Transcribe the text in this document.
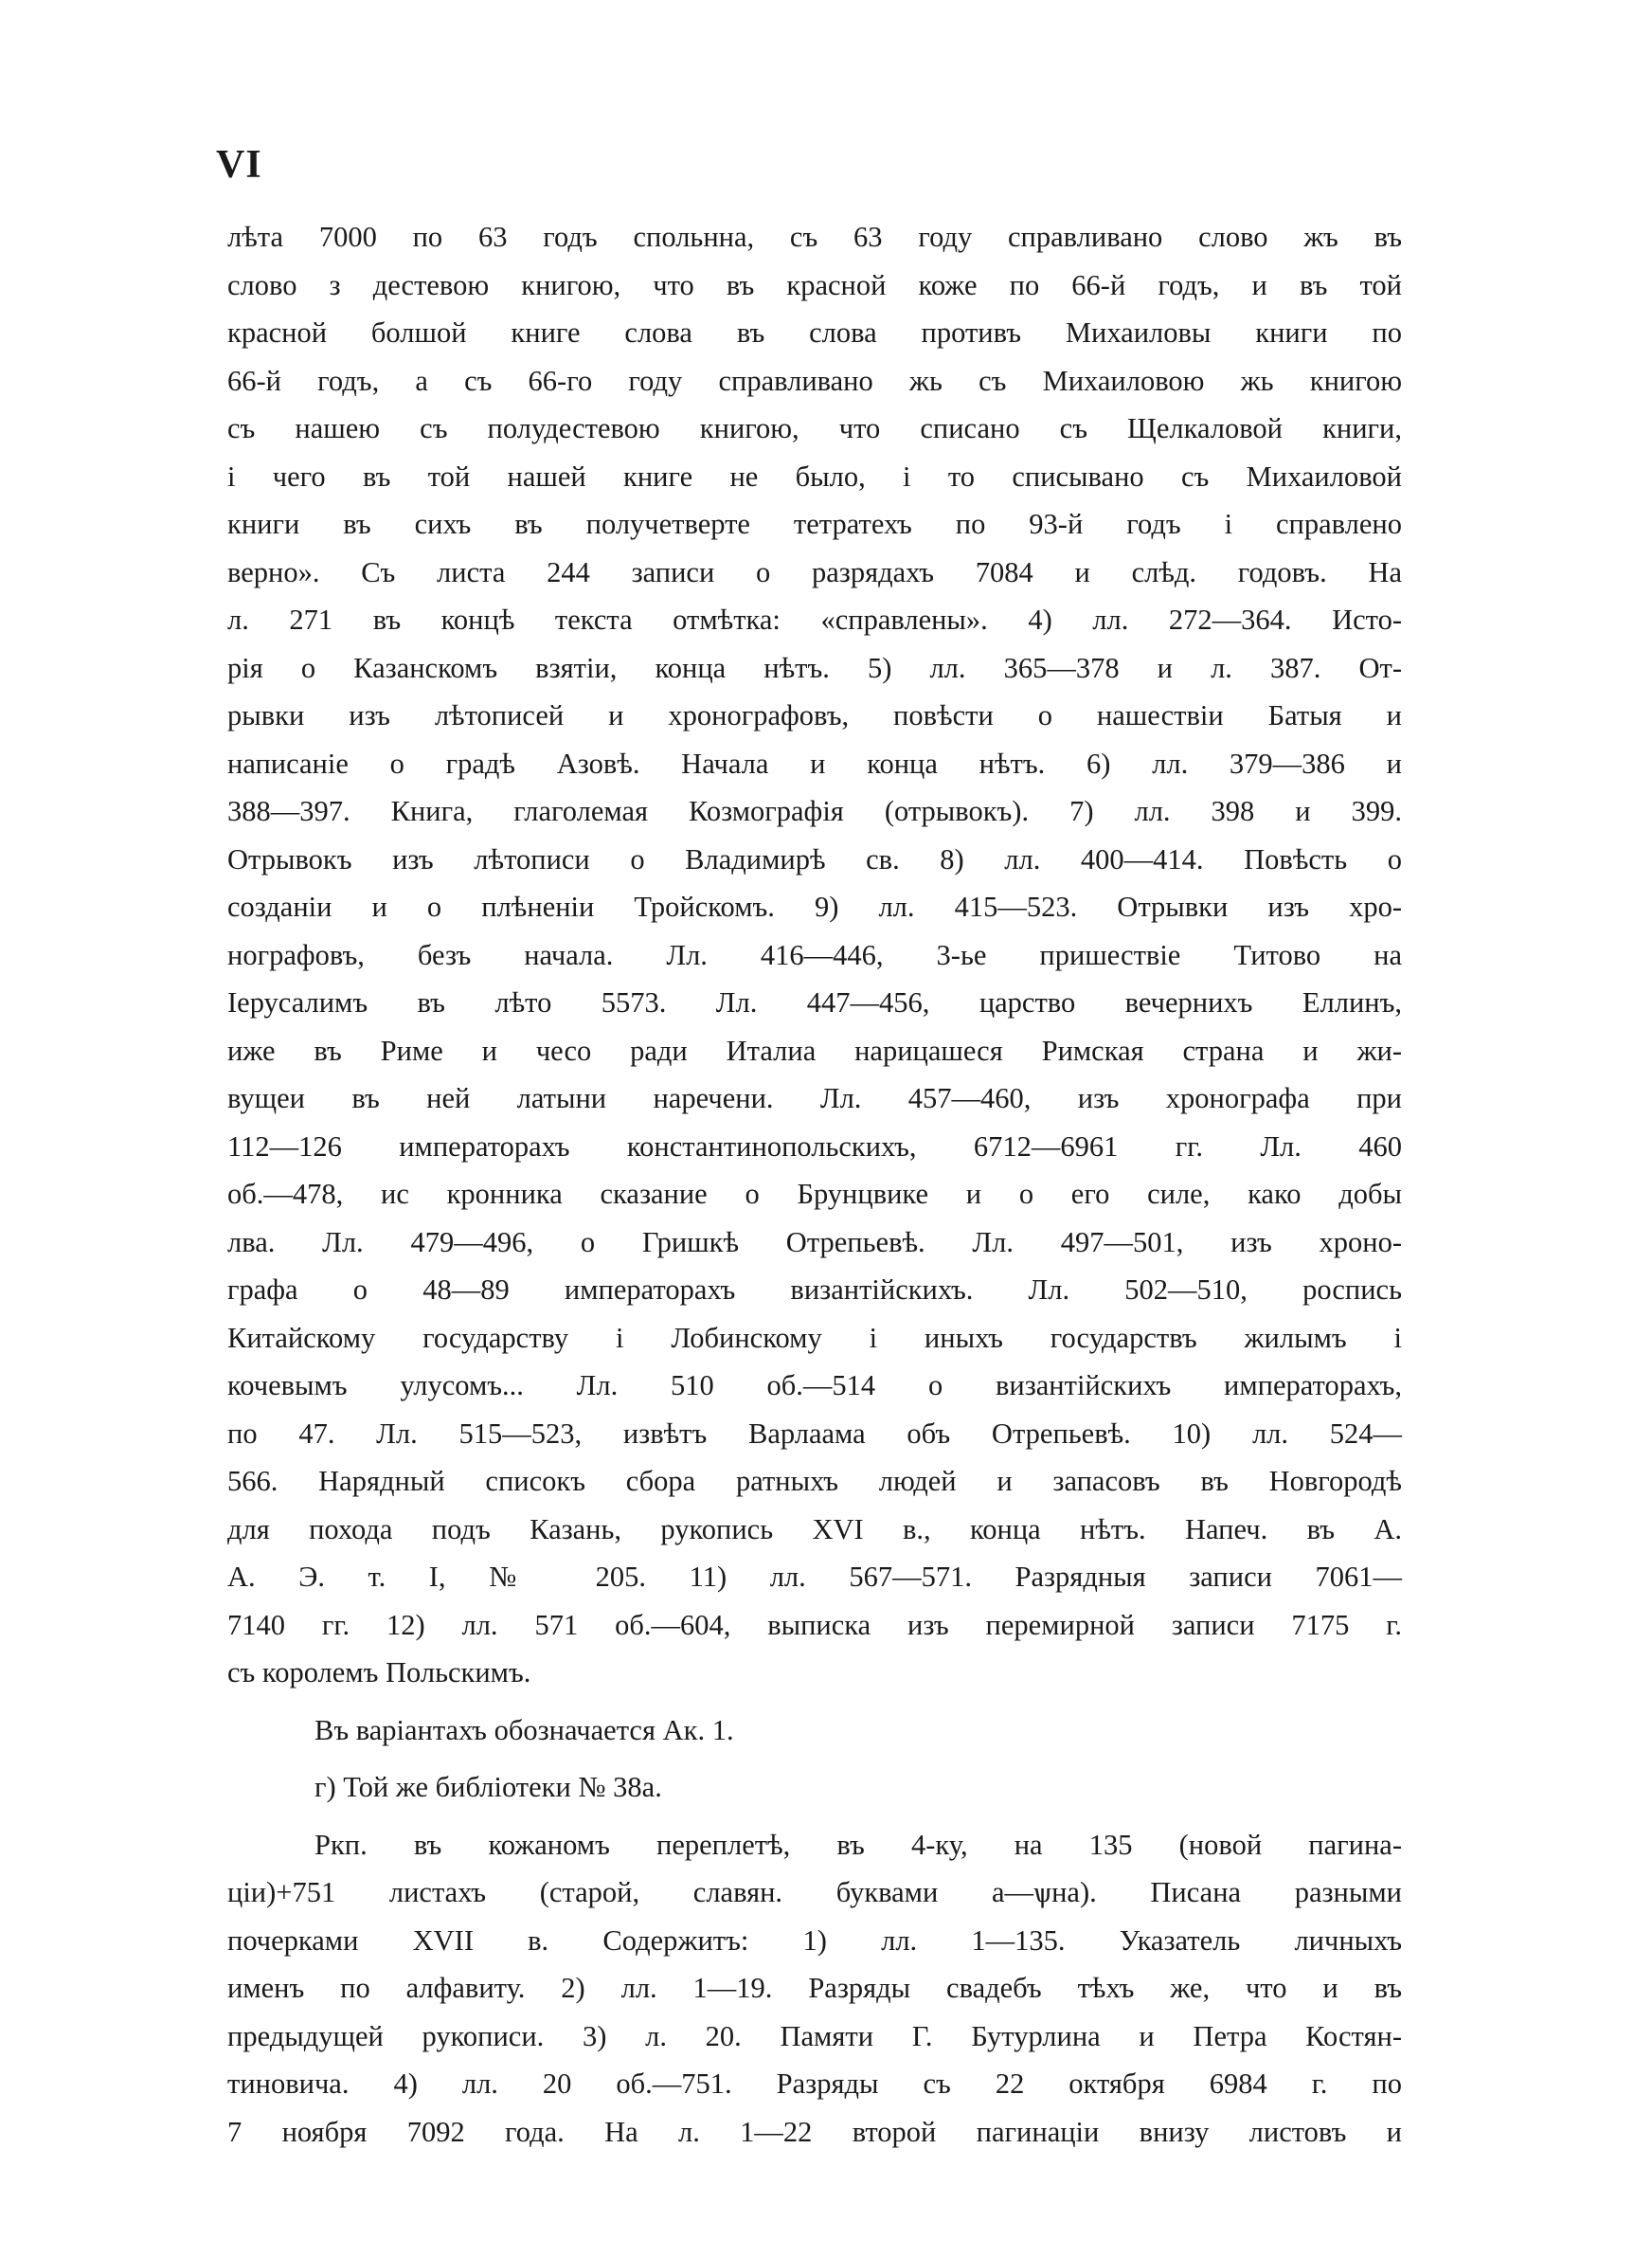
VI
лѣта 7000 по 63 годъ спольнна, съ 63 году справливано слово жъ въ
слово з дестевою книгою, что въ красной коже по 66-й годъ, и въ той
красной болшой книге слова въ слова противъ Михаиловы книги по
66-й годъ, а съ 66-го году справливано жь съ Михаиловою жь книгою
съ нашею съ полудестевою книгою, что списано съ Щелкаловой книги,
і чего въ той нашей книге не было, і то списывано съ Михаиловой
книги въ сихъ въ получетверте тетратехъ по 93-й годъ і справлено
верно». Съ листа 244 записи о разрядахъ 7084 и слѣд. годовъ. На
л. 271 въ концѣ текста отмѣтка: «справлены». 4) лл. 272—364. Исто-
рія о Казанскомъ взятіи, конца нѣтъ. 5) лл. 365—378 и л. 387. От-
рывки изъ лѣтописей и хронографовъ, повѣсти о нашествіи Батыя и
написаніе о градѣ Азовѣ. Начала и конца нѣтъ. 6) лл. 379—386 и
388—397. Книга, глаголемая Козмографія (отрывокъ). 7) лл. 398 и 399.
Отрывокъ изъ лѣтописи о Владимирѣ св. 8) лл. 400—414. Повѣсть о
созданіи и о плѣненіи Тройскомъ. 9) лл. 415—523. Отрывки изъ хро-
нографовъ, безъ начала. Лл. 416—446, 3-ье пришествіе Титово на
Іерусалимъ въ лѣто 5573. Лл. 447—456, царство вечерниxъ Еллинъ,
иже въ Риме и чесо ради Италиа нарицашеся Римская страна и жи-
вущеи въ ней латыни наречени. Лл. 457—460, изъ хронографа при
112—126 императорахъ константинопольскихъ, 6712—6961 гг. Лл. 460
об.—478, ис кронника сказание о Брунцвике и о его силе, како добы
лва. Лл. 479—496, о Гришкѣ Отрепьевѣ. Лл. 497—501, изъ хроно-
графа о 48—89 императорахъ византійскихъ. Лл. 502—510, роспись
Китайскому государству і Лобинскому і иныхъ государствъ жилымъ і
кочевымъ улусомъ... Лл. 510 об.—514 о византійскихъ императорахъ,
по 47. Лл. 515—523, извѣтъ Варлаама объ Отрепьевѣ. 10) лл. 524—
566. Нарядный списокъ сбора ратныхъ людей и запасовъ въ Новгородѣ
для похода подъ Казань, рукопись XVI в., конца нѣтъ. Напеч. въ А.
А. Э. т. I, № 205. 11) лл. 567—571. Разрядныя записи 7061—
7140 гг. 12) лл. 571 об.—604, выписка изъ перемирной записи 7175 г.
съ королемъ Польскимъ.
Въ варіантахъ обозначается Ак. 1.
г) Той же библіотеки № 38а.
Ркп. въ кожаномъ переплетѣ, въ 4-ку, на 135 (новой пагина-
ціи)+751 листахъ (старой, славян. буквами а—ѱна). Писана разными
почерками XVII в. Содержитъ: 1) лл. 1—135. Указатель личныхъ
именъ по алфавиту. 2) лл. 1—19. Разряды свадебъ тѣхъ же, что и въ
предыдущей рукописи. 3) л. 20. Памяти Г. Бутурлина и Петра Костян-
тиновича. 4) лл. 20 об.—751. Разряды съ 22 октября 6984 г. по
7 ноября 7092 года. На л. 1—22 второй пагинаціи внизу листовъ и
